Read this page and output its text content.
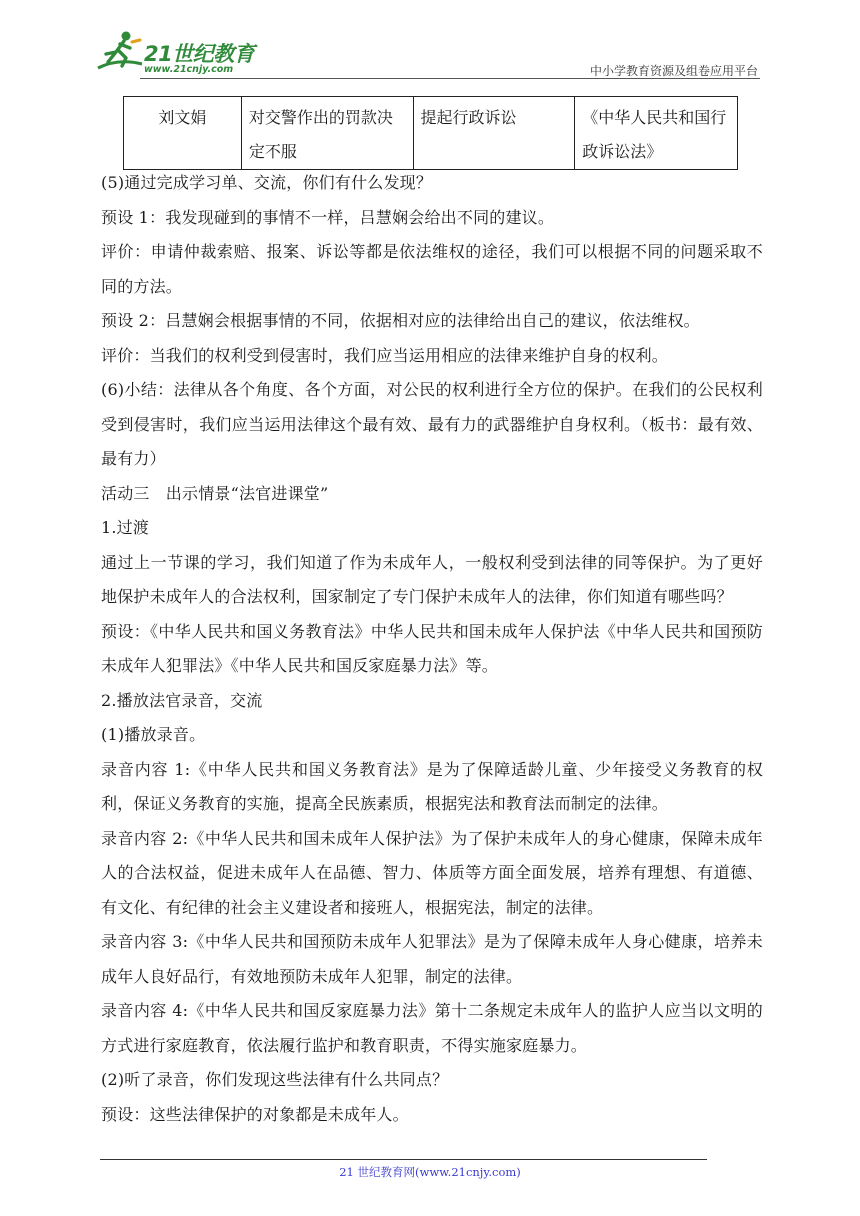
21世纪教育
www.21cnjy.com	中小学教育资源及组卷应用平台
刘文娟	对交警作出的罚款决定不服	提起行政诉讼	《中华人民共和国行政诉讼法》

(5)通过完成学习单、交流，你们有什么发现？

预设 1：我发现碰到的事情不一样，吕慧娴会给出不同的建议。

评价：申请仲裁索赔、报案、诉讼等都是依法维权的途径，我们可以根据不同的问题采取不同的方法。

预设 2：吕慧娴会根据事情的不同，依据相对应的法律给出自己的建议，依法维权。

评价：当我们的权利受到侵害时，我们应当运用相应的法律来维护自身的权利。

(6)小结：法律从各个角度、各个方面，对公民的权利进行全方位的保护。在我们的公民权利受到侵害时，我们应当运用法律这个最有效、最有力的武器维护自身权利。（板书：最有效、最有力）

活动三　出示情景“法官进课堂”

1.过渡

通过上一节课的学习，我们知道了作为未成年人，一般权利受到法律的同等保护。为了更好地保护未成年人的合法权利，国家制定了专门保护未成年人的法律，你们知道有哪些吗？

预设：《中华人民共和国义务教育法》中华人民共和国未成年人保护法《中华人民共和国预防未成年人犯罪法》《中华人民共和国反家庭暴力法》等。

2.播放法官录音，交流

(1)播放录音。

录音内容 1:《中华人民共和国义务教育法》是为了保障适龄儿童、少年接受义务教育的权利，保证义务教育的实施，提高全民族素质，根据宪法和教育法而制定的法律。

录音内容 2:《中华人民共和国未成年人保护法》为了保护未成年人的身心健康，保障未成年人的合法权益，促进未成年人在品德、智力、体质等方面全面发展，培养有理想、有道德、有文化、有纪律的社会主义建设者和接班人，根据宪法，制定的法律。

录音内容 3:《中华人民共和国预防未成年人犯罪法》是为了保障未成年人身心健康，培养未成年人良好品行，有效地预防未成年人犯罪，制定的法律。

录音内容 4:《中华人民共和国反家庭暴力法》第十二条规定未成年人的监护人应当以文明的方式进行家庭教育，依法履行监护和教育职责，不得实施家庭暴力。

(2)听了录音，你们发现这些法律有什么共同点？

预设：这些法律保护的对象都是未成年人。

21 世纪教育网(www.21cnjy.com)
